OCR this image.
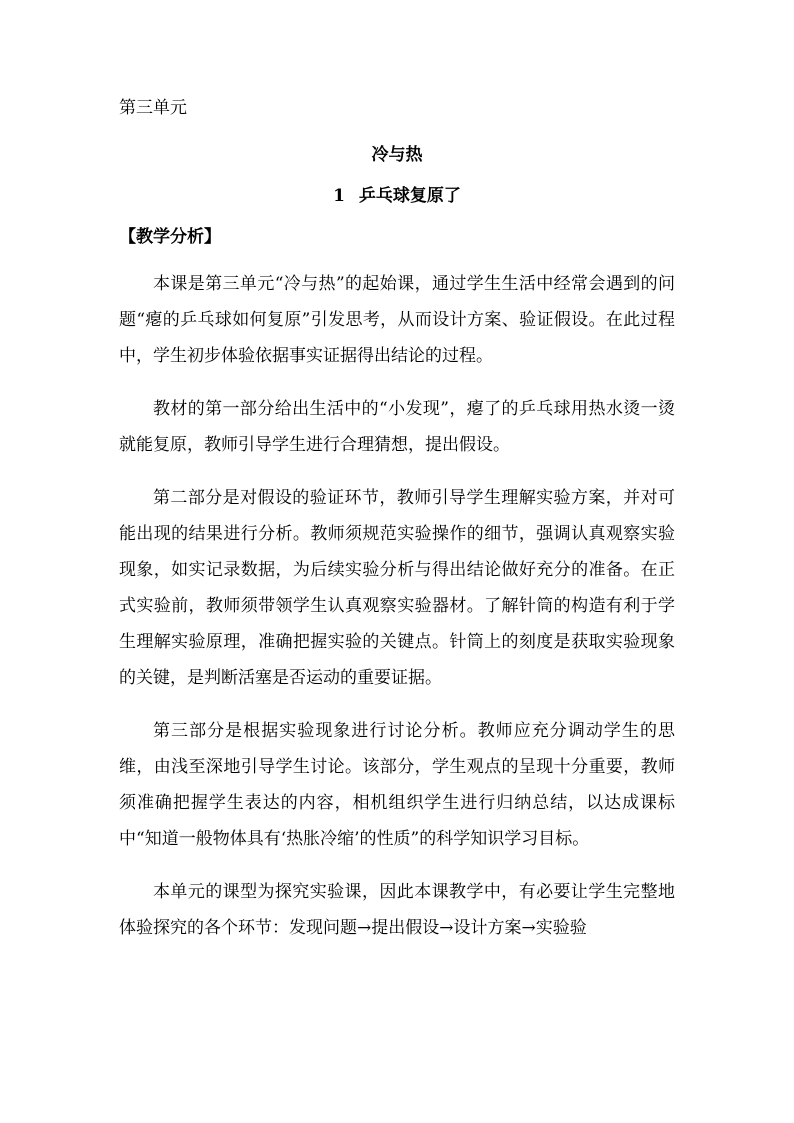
第三单元

冷与热
1 乒乓球复原了
【教学分析】

本课是第三单元“冷与热”的起始课，通过学生生活中经常会遇到的问题“瘪的乒乓球如何复原”引发思考，从而设计方案、验证假设。在此过程中，学生初步体验依据事实证据得出结论的过程。

教材的第一部分给出生活中的“小发现”，瘪了的乒乓球用热水烫一烫就能复原，教师引导学生进行合理猜想，提出假设。

第二部分是对假设的验证环节，教师引导学生理解实验方案，并对可能出现的结果进行分析。教师须规范实验操作的细节，强调认真观察实验现象，如实记录数据，为后续实验分析与得出结论做好充分的准备。在正式实验前，教师须带领学生认真观察实验器材。了解针筒的构造有利于学生理解实验原理，准确把握实验的关键点。针筒上的刻度是获取实验现象的关键，是判断活塞是否运动的重要证据。

第三部分是根据实验现象进行讨论分析。教师应充分调动学生的思维，由浅至深地引导学生讨论。该部分，学生观点的呈现十分重要，教师须准确把握学生表达的内容，相机组织学生进行归纳总结，以达成课标中“知道一般物体具有‘热胀冷缩’的性质”的科学知识学习目标。

本单元的课型为探究实验课，因此本课教学中，有必要让学生完整地体验探究的各个环节：发现问题→提出假设→设计方案→实验验
